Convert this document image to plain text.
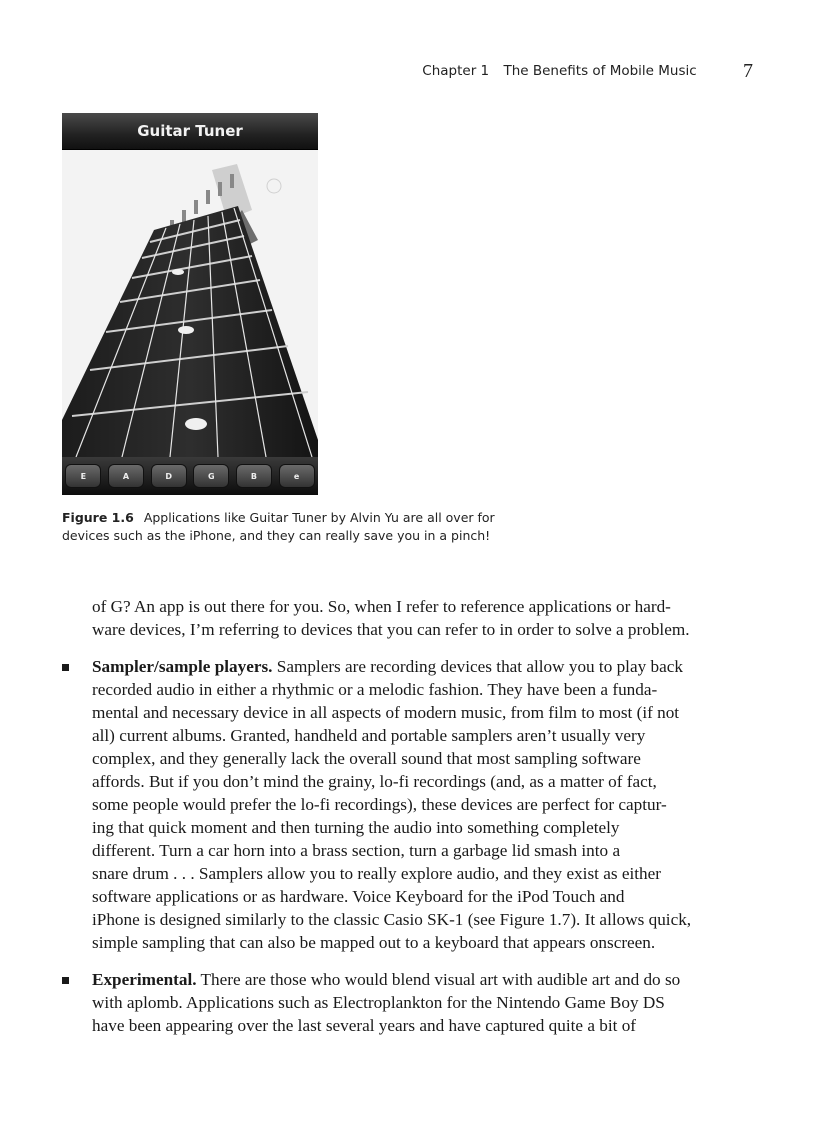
Chapter 1 The Benefits of Mobile Music 7
Guitar Tuner
E	A	D	G	B	e
Figure 1.6 Applications like Guitar Tuner by Alvin Yu are all over for
devices such as the iPhone, and they can really save you in a pinch!

of G? An app is out there for you. So, when I refer to reference applications or hard-
ware devices, I’m referring to devices that you can refer to in order to solve a problem.

Sampler/sample players. Samplers are recording devices that allow you to play back
recorded audio in either a rhythmic or a melodic fashion. They have been a funda-
mental and necessary device in all aspects of modern music, from film to most (if not
all) current albums. Granted, handheld and portable samplers aren’t usually very
complex, and they generally lack the overall sound that most sampling software
affords. But if you don’t mind the grainy, lo-fi recordings (and, as a matter of fact,
some people would prefer the lo-fi recordings), these devices are perfect for captur-
ing that quick moment and then turning the audio into something completely
different. Turn a car horn into a brass section, turn a garbage lid smash into a
snare drum . . . Samplers allow you to really explore audio, and they exist as either
software applications or as hardware. Voice Keyboard for the iPod Touch and
iPhone is designed similarly to the classic Casio SK-1 (see Figure 1.7). It allows quick,
simple sampling that can also be mapped out to a keyboard that appears onscreen.
Experimental. There are those who would blend visual art with audible art and do so
with aplomb. Applications such as Electroplankton for the Nintendo Game Boy DS
have been appearing over the last several years and have captured quite a bit of
